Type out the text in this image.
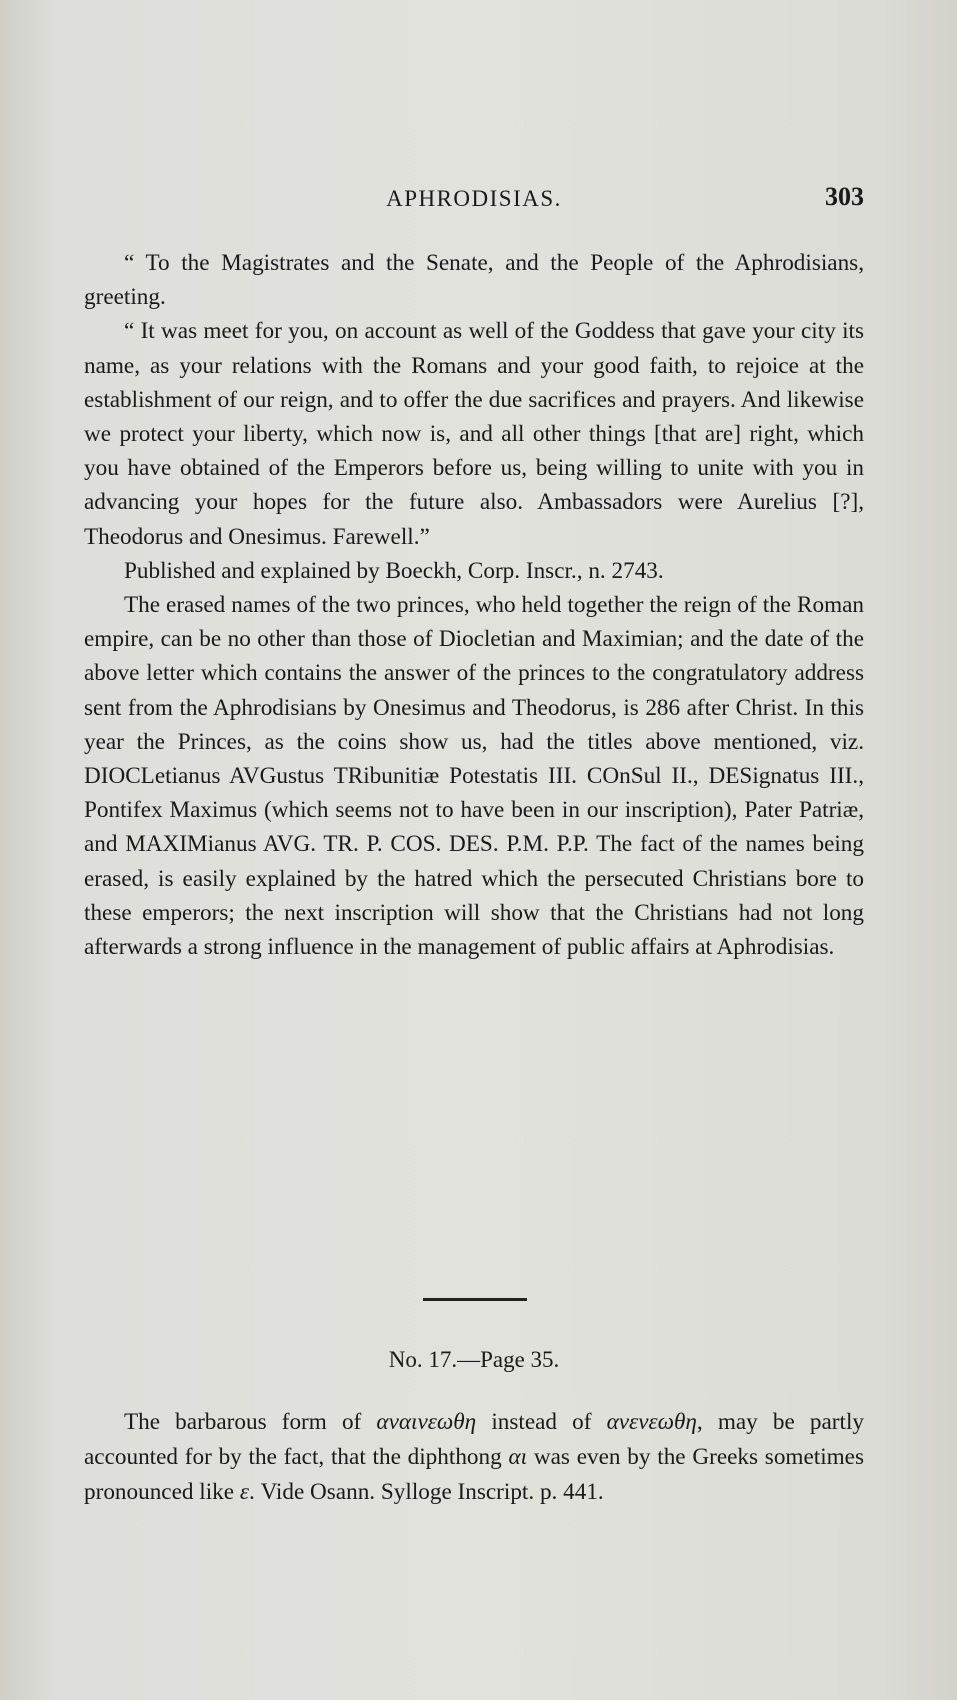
APHRODISIAS.	303

“ To the Magistrates and the Senate, and the People of the Aphrodisians, greeting.

“ It was meet for you, on account as well of the Goddess that gave your city its name, as your relations with the Romans and your good faith, to rejoice at the establishment of our reign, and to offer the due sacrifices and prayers. And likewise we protect your liberty, which now is, and all other things [that are] right, which you have obtained of the Emperors before us, being willing to unite with you in advancing your hopes for the future also. Ambassadors were Aurelius [?], Theodorus and Onesimus. Farewell.”

Published and explained by Boeckh, Corp. Inscr., n. 2743.

The erased names of the two princes, who held together the reign of the Roman empire, can be no other than those of Diocletian and Maximian; and the date of the above letter which contains the answer of the princes to the congratulatory address sent from the Aphrodisians by Onesimus and Theodorus, is 286 after Christ. In this year the Princes, as the coins show us, had the titles above mentioned, viz. DIOCLetianus AVGustus TRibunitiæ Potestatis III. COnSul II., DESignatus III., Pontifex Maximus (which seems not to have been in our inscription), Pater Patriæ, and MAXIMianus AVG. TR. P. COS. DES. P.M. P.P. The fact of the names being erased, is easily explained by the hatred which the persecuted Christians bore to these emperors; the next inscription will show that the Christians had not long afterwards a strong influence in the management of public affairs at Aphrodisias.

No. 17.—Page 35.

The barbarous form of αναινεωθη instead of ανενεωθη, may be partly accounted for by the fact, that the diphthong αι was even by the Greeks sometimes pronounced like ε. Vide Osann. Sylloge Inscript. p. 441.
